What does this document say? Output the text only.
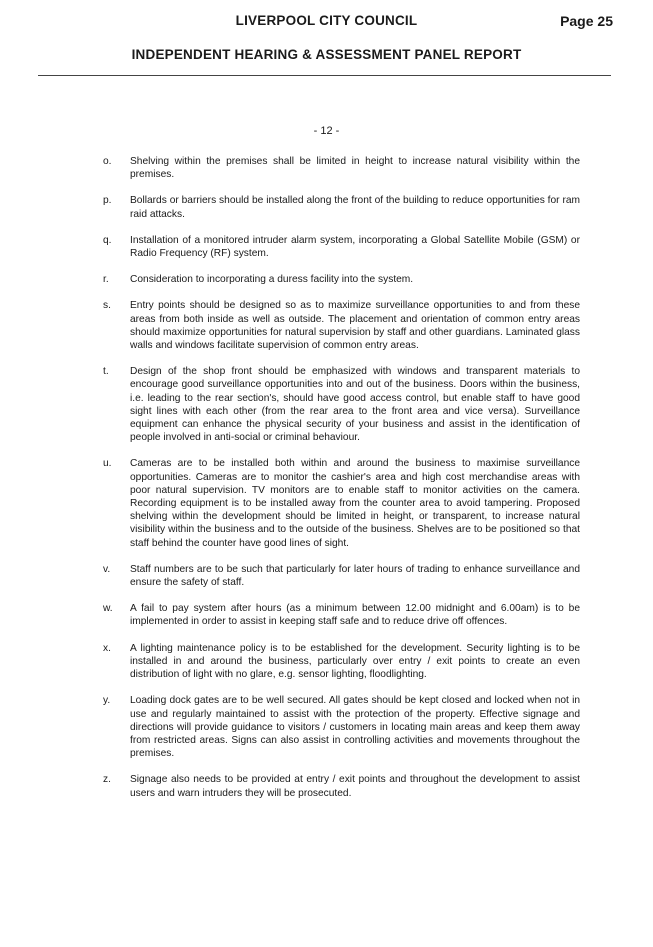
LIVERPOOL CITY COUNCIL	Page 25
INDEPENDENT HEARING & ASSESSMENT PANEL REPORT
- 12 -
o. Shelving within the premises shall be limited in height to increase natural visibility within the premises.
p. Bollards or barriers should be installed along the front of the building to reduce opportunities for ram raid attacks.
q. Installation of a monitored intruder alarm system, incorporating a Global Satellite Mobile (GSM) or Radio Frequency (RF) system.
r. Consideration to incorporating a duress facility into the system.
s. Entry points should be designed so as to maximize surveillance opportunities to and from these areas from both inside as well as outside. The placement and orientation of common entry areas should maximize opportunities for natural supervision by staff and other guardians. Laminated glass walls and windows facilitate supervision of common entry areas.
t. Design of the shop front should be emphasized with windows and transparent materials to encourage good surveillance opportunities into and out of the business. Doors within the business, i.e. leading to the rear section's, should have good access control, but enable staff to have good sight lines with each other (from the rear area to the front area and vice versa). Surveillance equipment can enhance the physical security of your business and assist in the identification of people involved in anti-social or criminal behaviour.
u. Cameras are to be installed both within and around the business to maximise surveillance opportunities. Cameras are to monitor the cashier's area and high cost merchandise areas with poor natural supervision. TV monitors are to enable staff to monitor activities on the camera. Recording equipment is to be installed away from the counter area to avoid tampering. Proposed shelving within the development should be limited in height, or transparent, to increase natural visibility within the business and to the outside of the business. Shelves are to be positioned so that staff behind the counter have good lines of sight.
v. Staff numbers are to be such that particularly for later hours of trading to enhance surveillance and ensure the safety of staff.
w. A fail to pay system after hours (as a minimum between 12.00 midnight and 6.00am) is to be implemented in order to assist in keeping staff safe and to reduce drive off offences.
x. A lighting maintenance policy is to be established for the development. Security lighting is to be installed in and around the business, particularly over entry / exit points to create an even distribution of light with no glare, e.g. sensor lighting, floodlighting.
y. Loading dock gates are to be well secured. All gates should be kept closed and locked when not in use and regularly maintained to assist with the protection of the property. Effective signage and directions will provide guidance to visitors / customers in locating main areas and keep them away from restricted areas. Signs can also assist in controlling activities and movements throughout the premises.
z. Signage also needs to be provided at entry / exit points and throughout the development to assist users and warn intruders they will be prosecuted.
